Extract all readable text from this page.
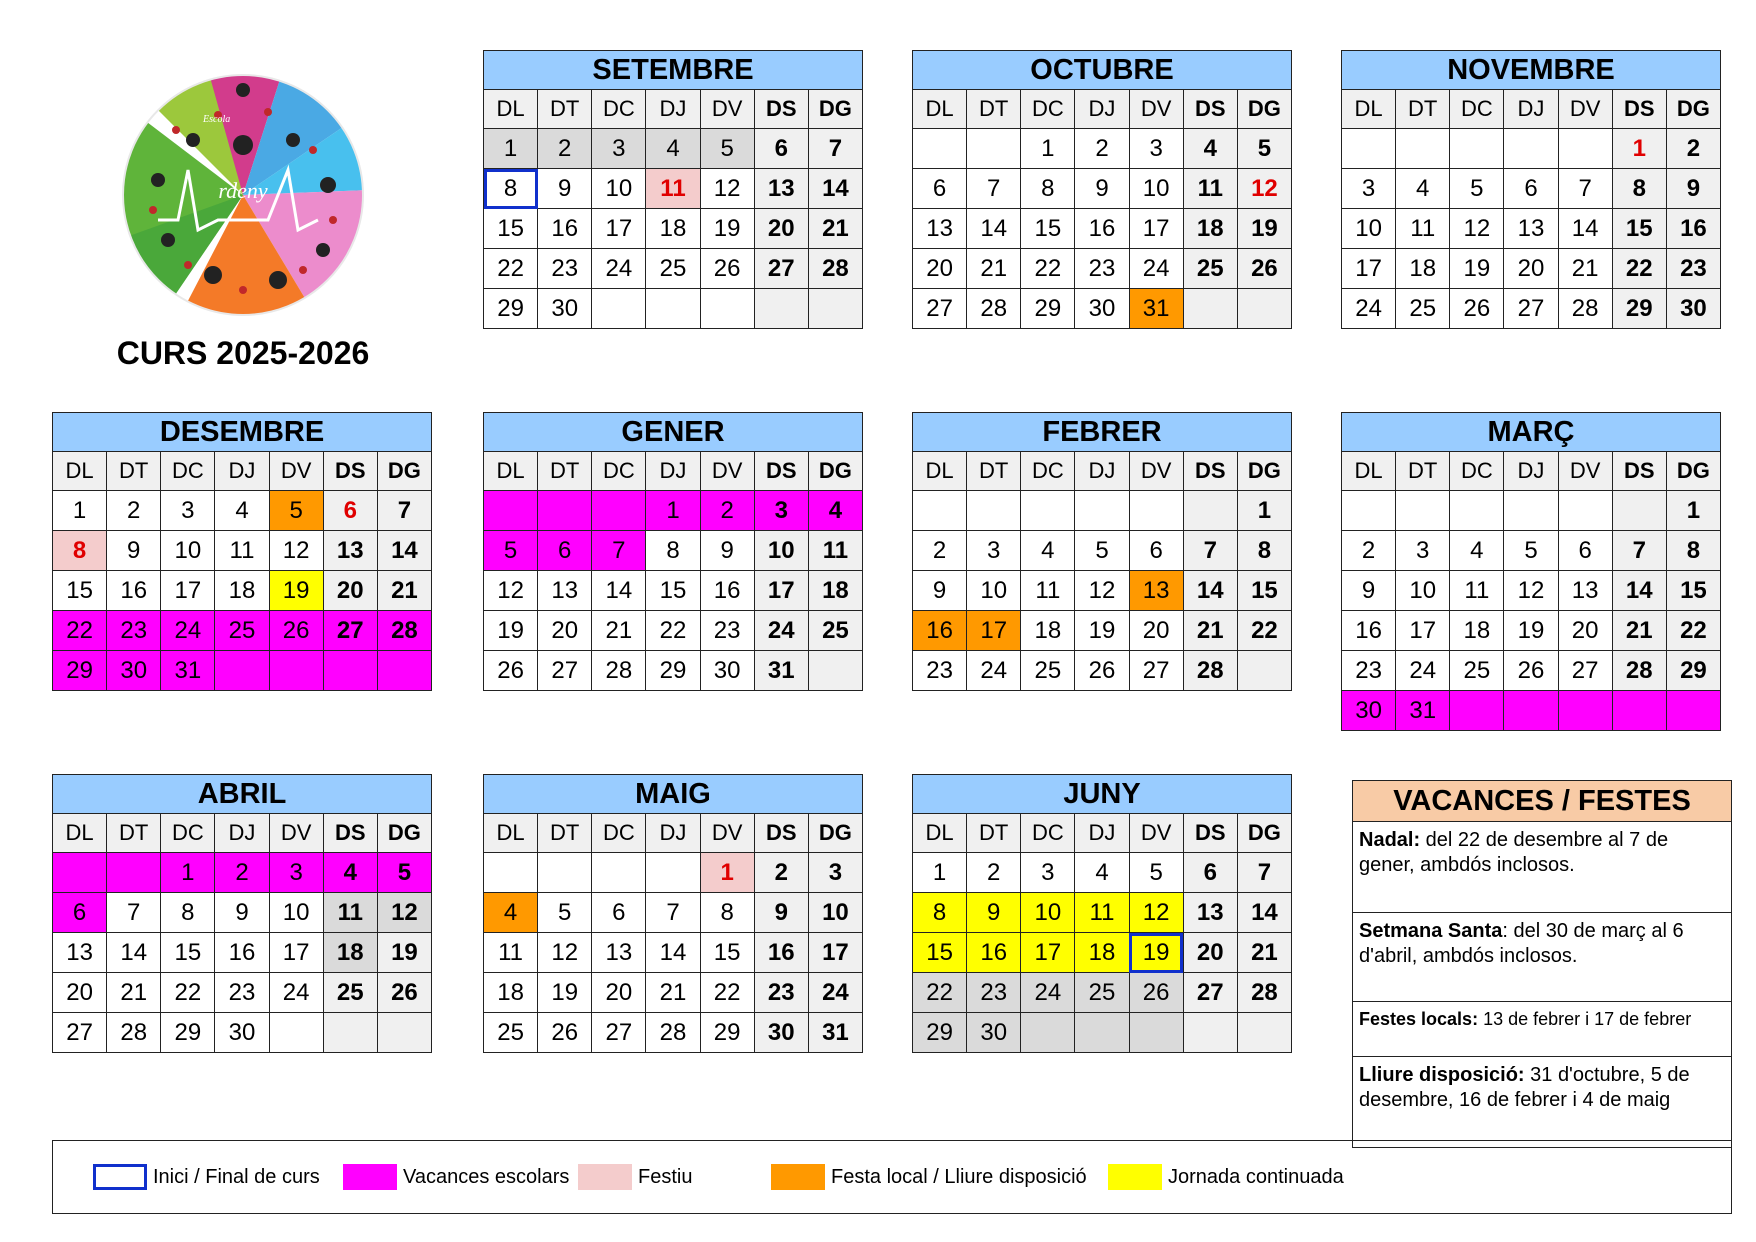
rdeny
Escola
CURS 2025-2026
SETEMBRE						
DL	DT	DC	DJ	DV	DS	DG
1	2	3	4	5	6	7
8	9	10	11	12	13	14
15	16	17	18	19	20	21
22	23	24	25	26	27	28
29	30					
OCTUBRE						
DL	DT	DC	DJ	DV	DS	DG
		1	2	3	4	5
6	7	8	9	10	11	12
13	14	15	16	17	18	19
20	21	22	23	24	25	26
27	28	29	30	31		
NOVEMBRE						
DL	DT	DC	DJ	DV	DS	DG
					1	2
3	4	5	6	7	8	9
10	11	12	13	14	15	16
17	18	19	20	21	22	23
24	25	26	27	28	29	30
DESEMBRE						
DL	DT	DC	DJ	DV	DS	DG
1	2	3	4	5	6	7
8	9	10	11	12	13	14
15	16	17	18	19	20	21
22	23	24	25	26	27	28
29	30	31				
GENER						
DL	DT	DC	DJ	DV	DS	DG
			1	2	3	4
5	6	7	8	9	10	11
12	13	14	15	16	17	18
19	20	21	22	23	24	25
26	27	28	29	30	31	
FEBRER						
DL	DT	DC	DJ	DV	DS	DG
						1
2	3	4	5	6	7	8
9	10	11	12	13	14	15
16	17	18	19	20	21	22
23	24	25	26	27	28	
MARÇ						
DL	DT	DC	DJ	DV	DS	DG
						1
2	3	4	5	6	7	8
9	10	11	12	13	14	15
16	17	18	19	20	21	22
23	24	25	26	27	28	29
30	31					
ABRIL						
DL	DT	DC	DJ	DV	DS	DG
		1	2	3	4	5
6	7	8	9	10	11	12
13	14	15	16	17	18	19
20	21	22	23	24	25	26
27	28	29	30			
MAIG						
DL	DT	DC	DJ	DV	DS	DG
				1	2	3
4	5	6	7	8	9	10
11	12	13	14	15	16	17
18	19	20	21	22	23	24
25	26	27	28	29	30	31
JUNY						
DL	DT	DC	DJ	DV	DS	DG
1	2	3	4	5	6	7
8	9	10	11	12	13	14
15	16	17	18	19	20	21
22	23	24	25	26	27	28
29	30					
VACANCES / FESTES
Nadal: del 22 de desembre al 7 de gener, ambdós inclosos.
Setmana Santa: del 30 de març al 6 d'abril, ambdós inclosos.
Festes locals: 13 de febrer i 17 de febrer
Lliure disposició: 31 d'octubre, 5 de desembre, 16 de febrer i 4 de maig
Inici / Final de curs	Vacances escolars	Festiu	Festa local / Lliure disposició	Jornada continuada
